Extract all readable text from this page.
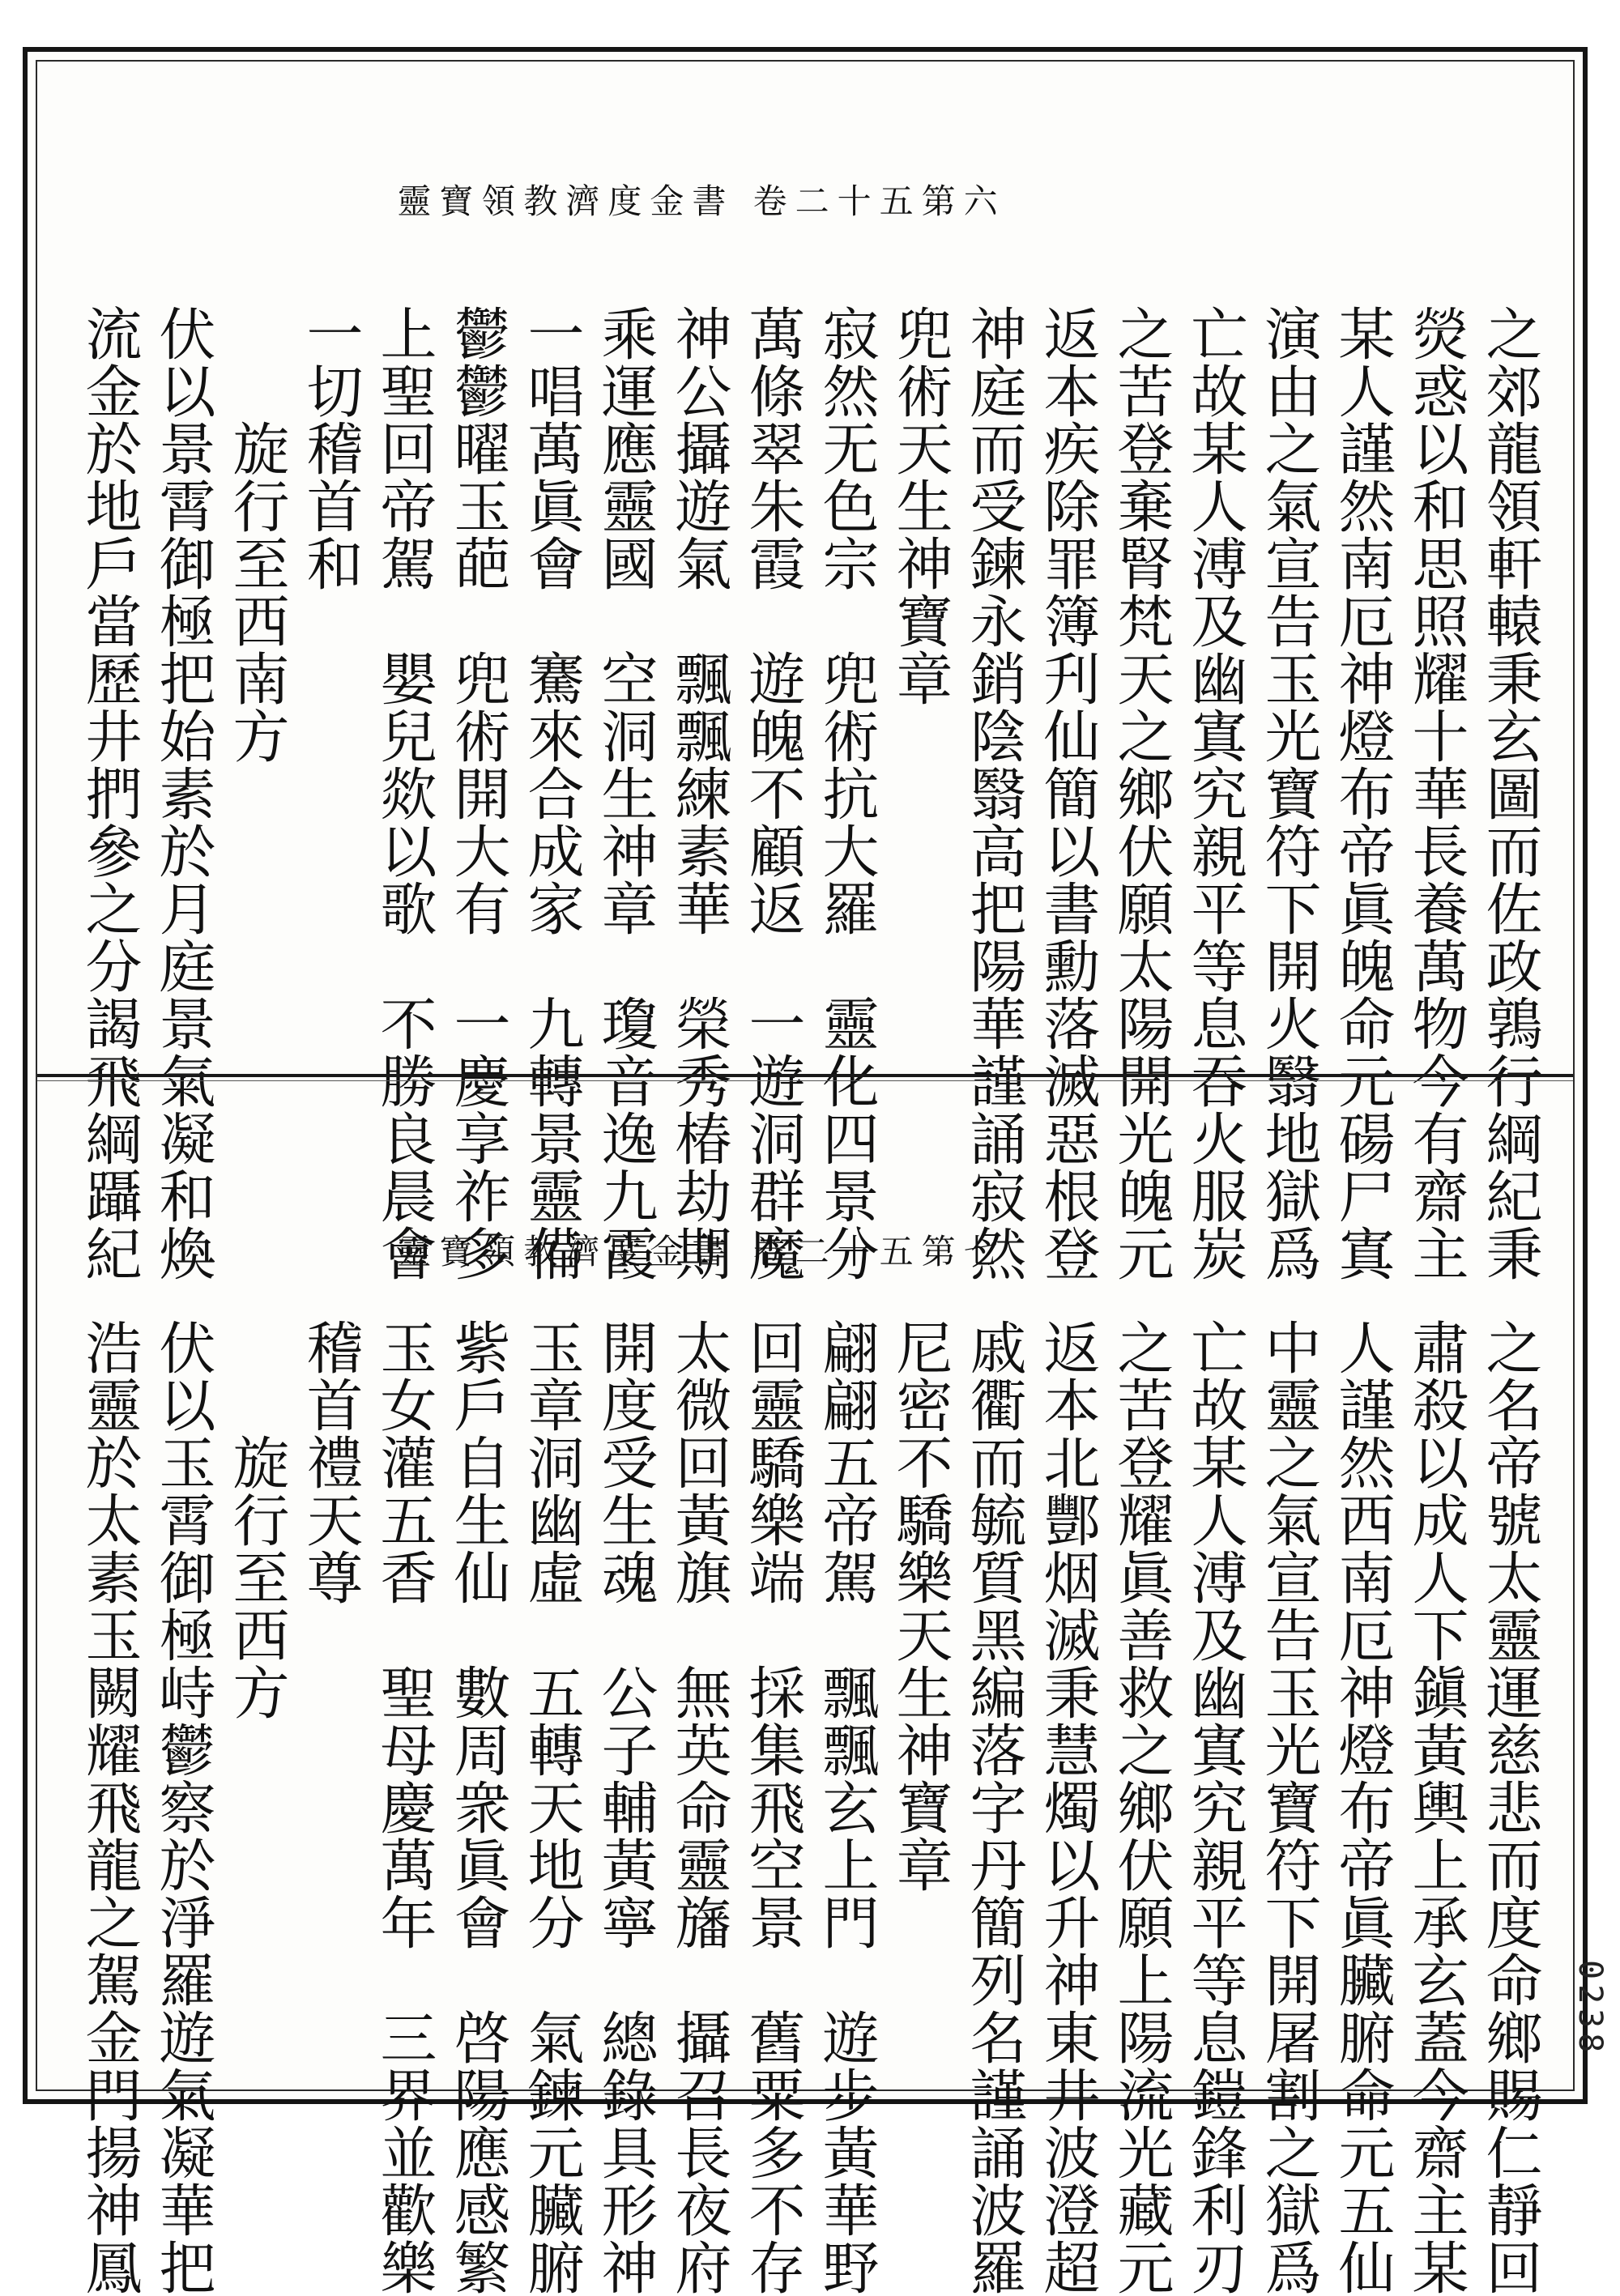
靈寶領教濟度金書 卷二十五第六
之郊龍領軒轅秉玄圖而佐政鶉行綱紀秉
熒惑以和思照耀十華長養萬物今有齋主
某人謹然南厄神燈布帝眞魄命元碭尸寘
演由之氣宣告玉光寶符下開火翳地獄爲
亡故某人溥及幽寘究親平等息吞火服炭
之苦登棄腎梵天之鄉伏願太陽開光魄元
返本疾除罪簿刋仙簡以書勳落滅惡根登
神庭而受鍊永銷陰翳高把陽華謹誦寂然
兜術天生神寶章
寂然无色宗　兜術抗大羅　靈化四景分
萬條翠朱霞　遊魄不顧返　一遊洞群魔
神公攝遊氣　飄飄練素華　榮秀椿劫期
乘運應靈國　空洞生神章　瓊音逸九霞
一唱萬眞會　騫來合成家　九轉景靈備
鬱鬱曜玉葩　兜術開大有　一慶享祚多
上聖回帝駕　嬰兒欻以歌　不勝良晨會
一切稽首和
　　旋行至西南方
伏以景霄御極把始素於月庭景氣凝和煥
流金於地戶當歷井捫參之分謁飛綱躡紀	靈寶領教濟度金書 卷二十五第七
之名帝號太靈運慈悲而度命鄉賜仁靜回
肅殺以成人下鎭黃輿上承玄蓋今齋主某
人謹然西南厄神燈布帝眞臟腑命元五仙
中靈之氣宣告玉光寶符下開屠割之獄爲
亡故某人溥及幽寘究親平等息鎧鋒利刃
之苦登耀眞善救之鄉伏願上陽流光藏元
返本北酆烟滅秉慧燭以升神東井波澄超
戚衢而毓質黑編落字丹簡列名謹誦波羅
尼密不驕樂天生神寶章
翩翩五帝駕　飄飄玄上門　遊步黃華野
回靈驕樂端　採集飛空景　舊粟多不存
太微回黃旗　無英命靈旛　攝召長夜府
開度受生魂　公子輔黃寧　總錄具形神
玉章洞幽虛　五轉天地分　氣鍊元臟腑
紫戶自生仙　數周衆眞會　啓陽應感繁
玉女灌五香　聖母慶萬年　三界並歡樂
稽首禮天尊
　　旋行至西方
伏以玉霄御極峙鬱察於淨羅遊氣凝華把
浩靈於太素玉闕耀飛龍之駕金門揚神鳳	0238
